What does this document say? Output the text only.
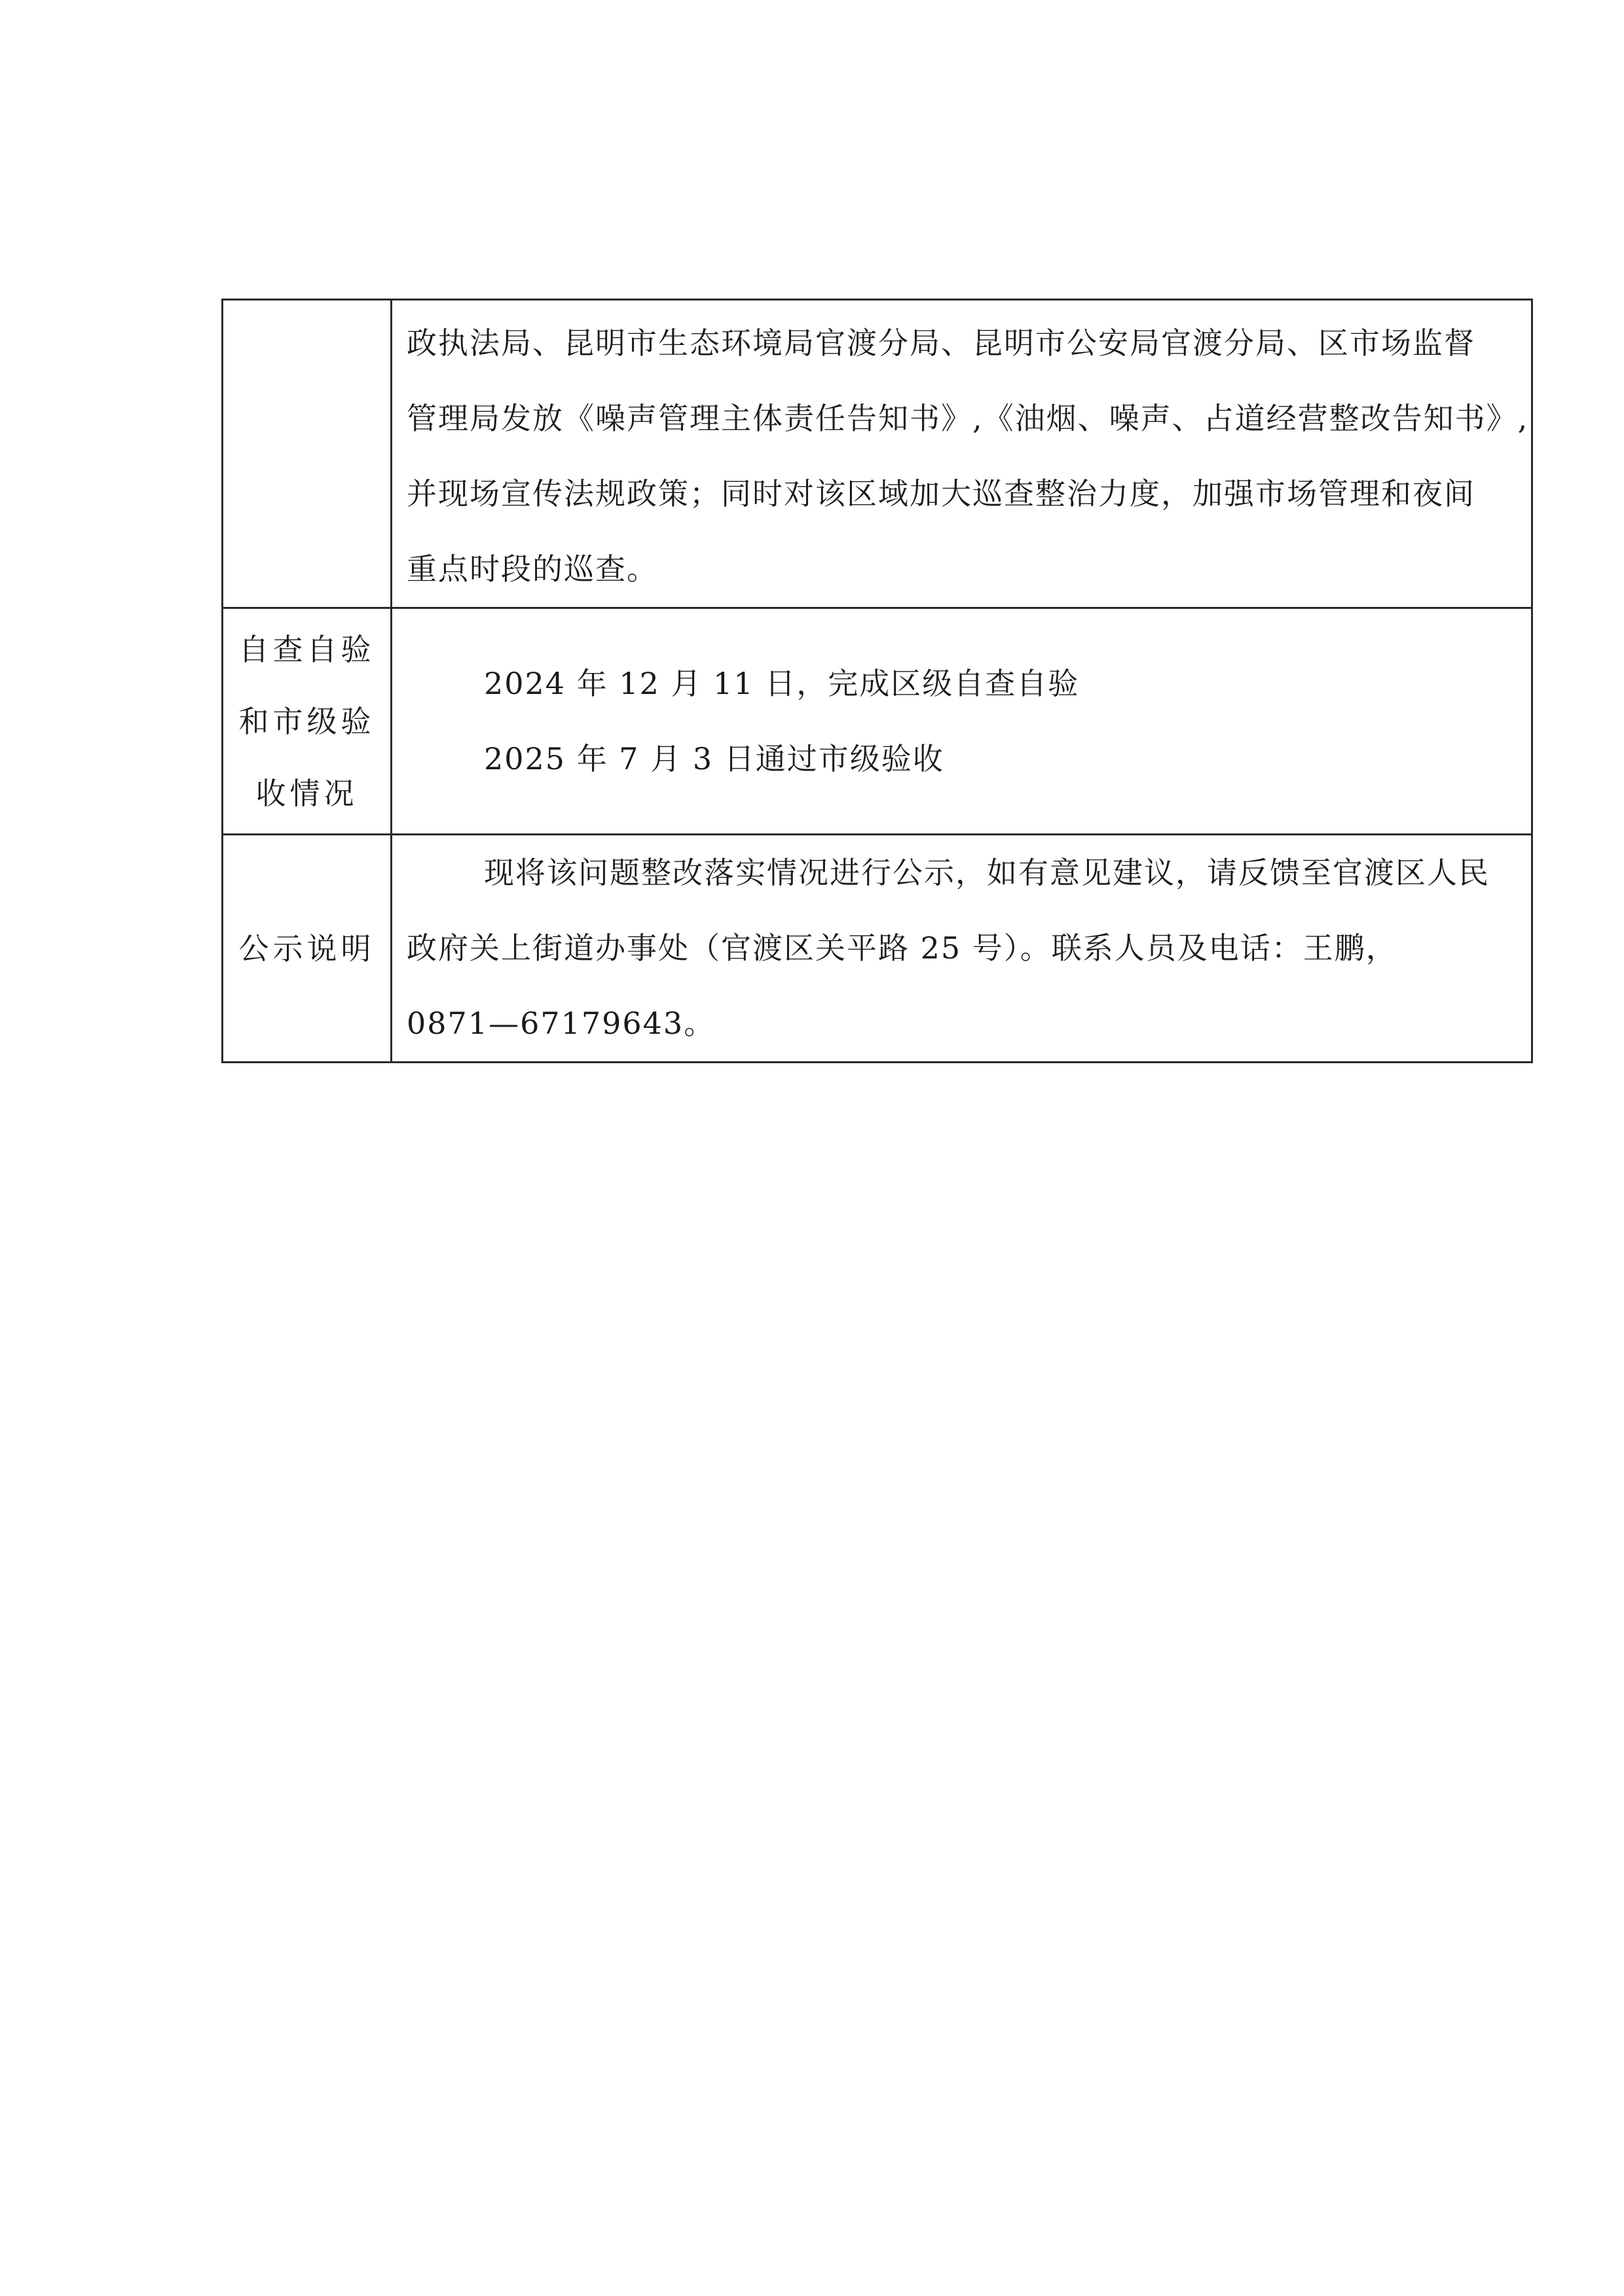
	政执法局、昆明市生态环境局官渡分局、昆明市公安局官渡分局、区市场监督
管理局发放《噪声管理主体责任告知书》,《油烟、噪声、占道经营整改告知书》,
并现场宣传法规政策；同时对该区域加大巡查整治力度，加强市场管理和夜间
重点时段的巡查。

自查自验
和市级验
收情况	2024 年 12 月 11 日，完成区级自查自验
2025 年 7 月 3 日通过市级验收

公示说明	现将该问题整改落实情况进行公示，如有意见建议，请反馈至官渡区人民
政府关上街道办事处（官渡区关平路 25 号）。联系人员及电话：王鹏，
0871—67179643。
